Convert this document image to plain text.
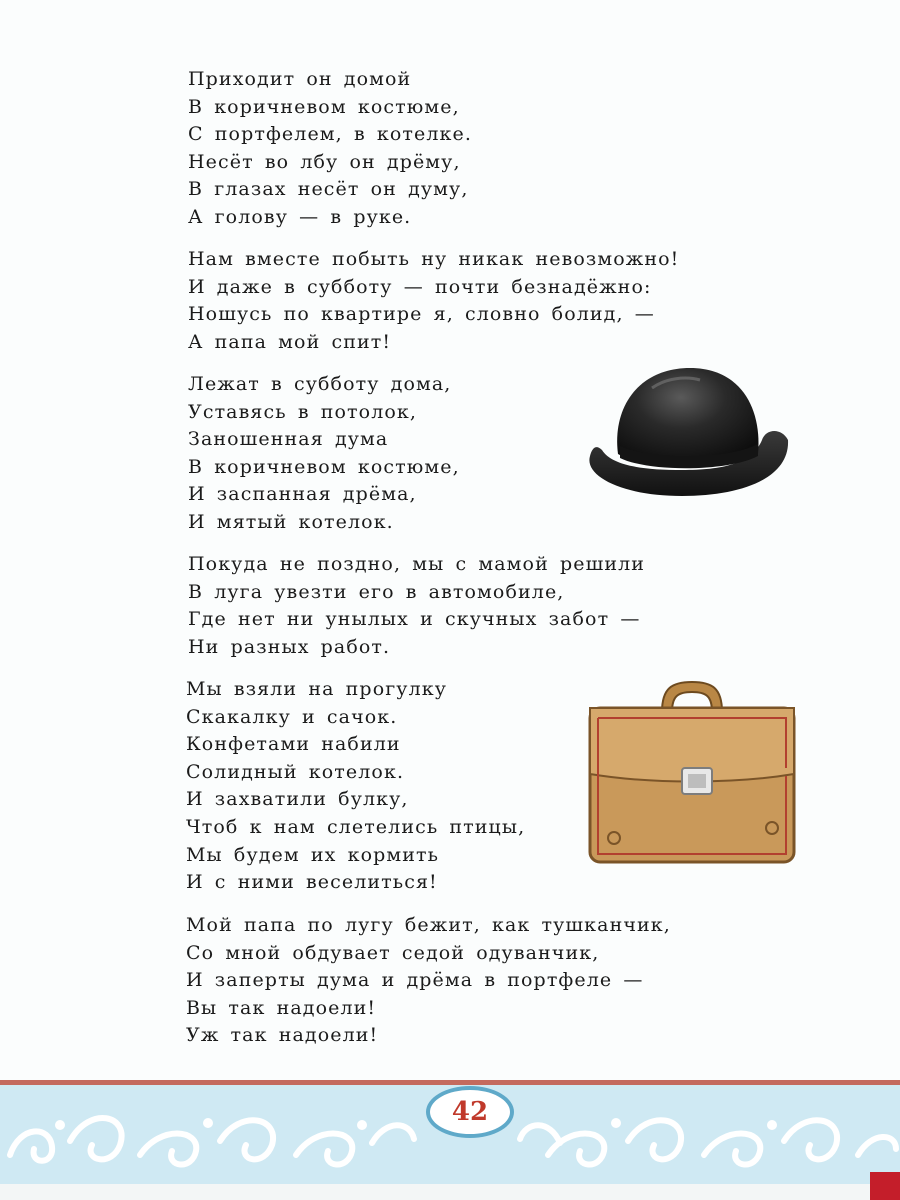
Приходит он домой
В коричневом костюме,
С портфелем, в котелке.
Несёт во лбу он дрёму,
В глазах несёт он думу,
А голову — в руке.
Нам вместе побыть ну никак невозможно!
И даже в субботу — почти безнадёжно:
Ношусь по квартире я, словно болид, —
А папа мой спит!
Лежат в субботу дома,
Уставясь в потолок,
Заношенная дума
В коричневом костюме,
И заспанная дрёма,
И мятый котелок.
Покуда не поздно, мы с мамой решили
В луга увезти его в автомобиле,
Где нет ни унылых и скучных забот —
Ни разных работ.
Мы взяли на прогулку
Скакалку и сачок.
Конфетами набили
Солидный котелок.
И захватили булку,
Чтоб к нам слетелись птицы,
Мы будем их кормить
И с ними веселиться!
Мой папа по лугу бежит, как тушканчик,
Со мной обдувает седой одуванчик,
И заперты дума и дрёма в портфеле —
Вы так надоели!
Уж так надоели!
42
